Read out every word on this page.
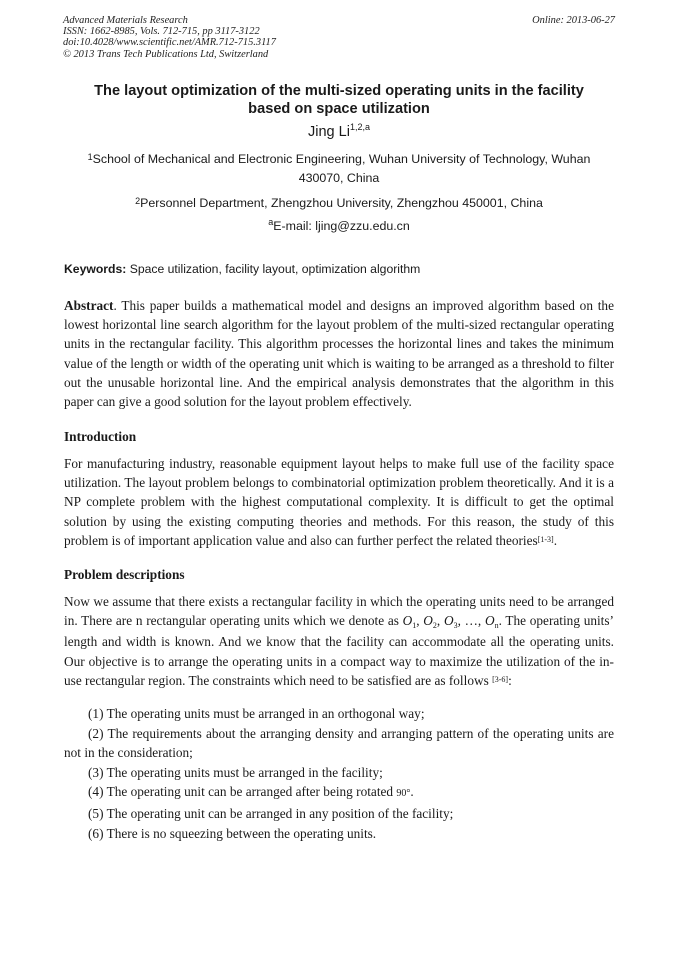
Advanced Materials Research
ISSN: 1662-8985, Vols. 712-715, pp 3117-3122
doi:10.4028/www.scientific.net/AMR.712-715.3117
© 2013 Trans Tech Publications Ltd, Switzerland
Online: 2013-06-27
The layout optimization of the multi-sized operating units in the facility
based on space utilization
Jing Li$^{1,2,a}$
$^1$School of Mechanical and Electronic Engineering, Wuhan University of Technology, Wuhan
430070, China
$^2$Personnel Department, Zhengzhou University, Zhengzhou 450001, China
$^a$E-mail: ljing@zzu.edu.cn
Keywords: Space utilization, facility layout, optimization algorithm
Abstract. This paper builds a mathematical model and designs an improved algorithm based on the lowest horizontal line search algorithm for the layout problem of the multi-sized rectangular operating units in the rectangular facility. This algorithm processes the horizontal lines and takes the minimum value of the length or width of the operating unit which is waiting to be arranged as a threshold to filter out the unusable horizontal line. And the empirical analysis demonstrates that the algorithm in this paper can give a good solution for the layout problem effectively.
Introduction
For manufacturing industry, reasonable equipment layout helps to make full use of the facility space utilization. The layout problem belongs to combinatorial optimization problem theoretically. And it is a NP complete problem with the highest computational complexity. It is difficult to get the optimal solution by using the existing computing theories and methods. For this reason, the study of this problem is of important application value and also can further perfect the related theories[1-3].
Problem descriptions
Now we assume that there exists a rectangular facility in which the operating units need to be arranged in. There are n rectangular operating units which we denote as $O_1$, $O_2$, $O_3$, …, $O_n$. The operating units’ length and width is known. And we know that the facility can accommodate all the operating units. Our objective is to arrange the operating units in a compact way to maximize the utilization of the in-use rectangular region. The constraints which need to be satisfied are as follows [3-6]:
(1) The operating units must be arranged in an orthogonal way;
(2) The requirements about the arranging density and arranging pattern of the operating units are not in the consideration;
(3) The operating units must be arranged in the facility;
(4) The operating unit can be arranged after being rotated 90°.
(5) The operating unit can be arranged in any position of the facility;
(6) There is no squeezing between the operating units.
